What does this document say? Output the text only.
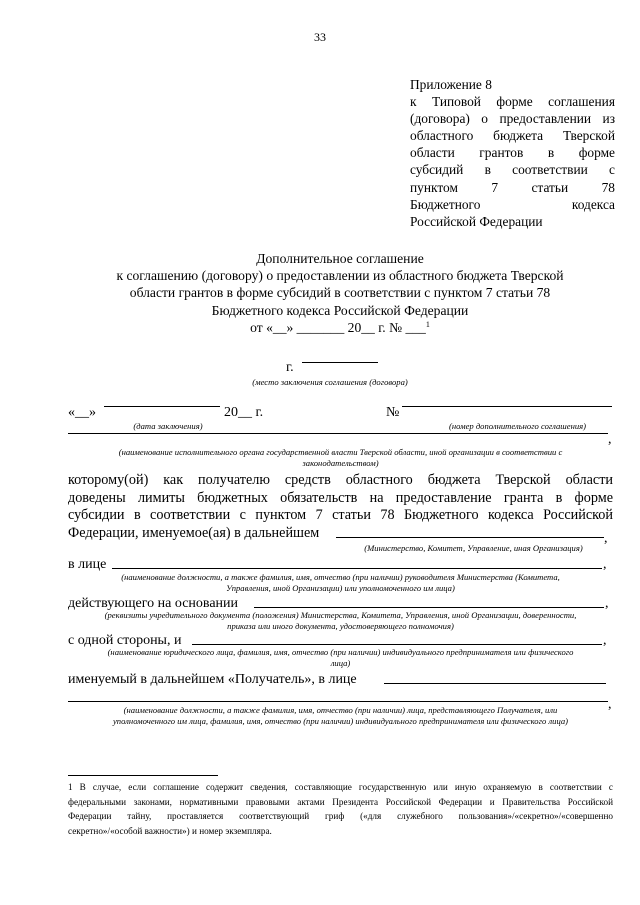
33
Приложение 8
к Типовой форме соглашения
(договора) о предоставлении из
областного бюджета Тверской
области грантов в форме
субсидий в соответствии с
пунктом 7 статьи 78
Бюджетного кодекса
Российской Федерации
Дополнительное соглашение
к соглашению (договору) о предоставлении из областного бюджета Тверской
области грантов в форме субсидий в соответствии с пунктом 7 статьи 78
Бюджетного кодекса Российской Федерации
от «__» _______ 20__ г. № ___$^1$
г.
(место заключения соглашения (договора)
«__»	20__ г.
(дата заключения)
№
(номер дополнительного соглашения)
,
(наименование исполнительного органа государственной власти Тверской области, иной организации в соответствии с
законодательством)
которому(ой) как получателю средств областного бюджета Тверской области
доведены лимиты бюджетных обязательств на предоставление гранта в форме
субсидии в соответствии с пунктом 7 статьи 78 Бюджетного кодекса Российской
Федерации, именуемое(ая) в дальнейшем	,
(Министерство, Комитет, Управление, иная Организация)
в лице	,
(наименование должности, а также фамилия, имя, отчество (при наличии) руководителя Министерства (Комитета,
Управления, иной Организации) или уполномоченного им лица)
действующего на основании	,
(реквизиты учредительного документа (положения) Министерства, Комитета, Управления, иной Организации, доверенности,
приказа или иного документа, удостоверяющего полномочия)
с одной стороны, и	,
(наименование юридического лица, фамилия, имя, отчество (при наличии) индивидуального предпринимателя или физического
лица)
именуемый в дальнейшем «Получатель», в лице
,
(наименование должности, а также фамилия, имя, отчество (при наличии) лица, представляющего Получателя, или
уполномоченного им лица, фамилия, имя, отчество (при наличии) индивидуального предпринимателя или физического лица)
1 В случае, если соглашение содержит сведения, составляющие государственную или иную охраняемую в соответствии с
федеральными законами, нормативными правовыми актами Президента Российской Федерации и Правительства Российской
Федерации тайну, проставляется соответствующий гриф («для служебного пользования»/«секретно»/«совершенно
секретно»/«особой важности») и номер экземпляра.
